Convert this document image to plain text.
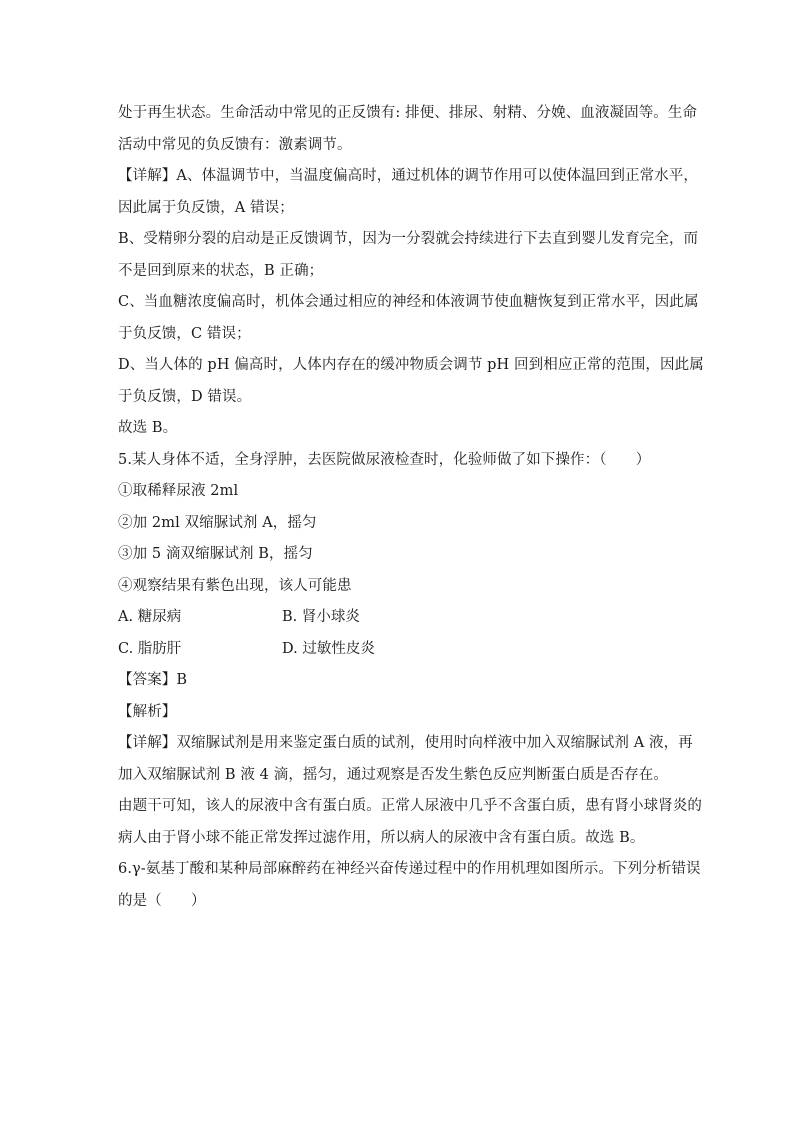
处于再生状态。生命活动中常见的正反馈有: 排便、排尿、射精、分娩、血液凝固等。生命
活动中常见的负反馈有：激素调节。
【详解】A、体温调节中，当温度偏高时，通过机体的调节作用可以使体温回到正常水平，
因此属于负反馈，A 错误；
B、受精卵分裂的启动是正反馈调节，因为一分裂就会持续进行下去直到婴儿发育完全，而
不是回到原来的状态，B 正确；
C、当血糖浓度偏高时，机体会通过相应的神经和体液调节使血糖恢复到正常水平，因此属
于负反馈，C 错误；
D、当人体的 pH 偏高时，人体内存在的缓冲物质会调节 pH 回到相应正常的范围，因此属
于负反馈，D 错误。
故选 B。
5.某人身体不适，全身浮肿，去医院做尿液检查时，化验师做了如下操作：（　　）
①取稀释尿液 2ml
②加 2ml 双缩脲试剂 A，摇匀
③加 5 滴双缩脲试剂 B，摇匀
④观察结果有紫色出现，该人可能患
A. 糖尿病	B. 肾小球炎
C. 脂肪肝	D. 过敏性皮炎
【答案】B
【解析】
【详解】双缩脲试剂是用来鉴定蛋白质的试剂，使用时向样液中加入双缩脲试剂 A 液，再
加入双缩脲试剂 B 液 4 滴，摇匀，通过观察是否发生紫色反应判断蛋白质是否存在。
由题干可知，该人的尿液中含有蛋白质。正常人尿液中几乎不含蛋白质，患有肾小球肾炎的
病人由于肾小球不能正常发挥过滤作用，所以病人的尿液中含有蛋白质。故选 B。
6.γ-氨基丁酸和某种局部麻醉药在神经兴奋传递过程中的作用机理如图所示。下列分析错误
的是（　　）
